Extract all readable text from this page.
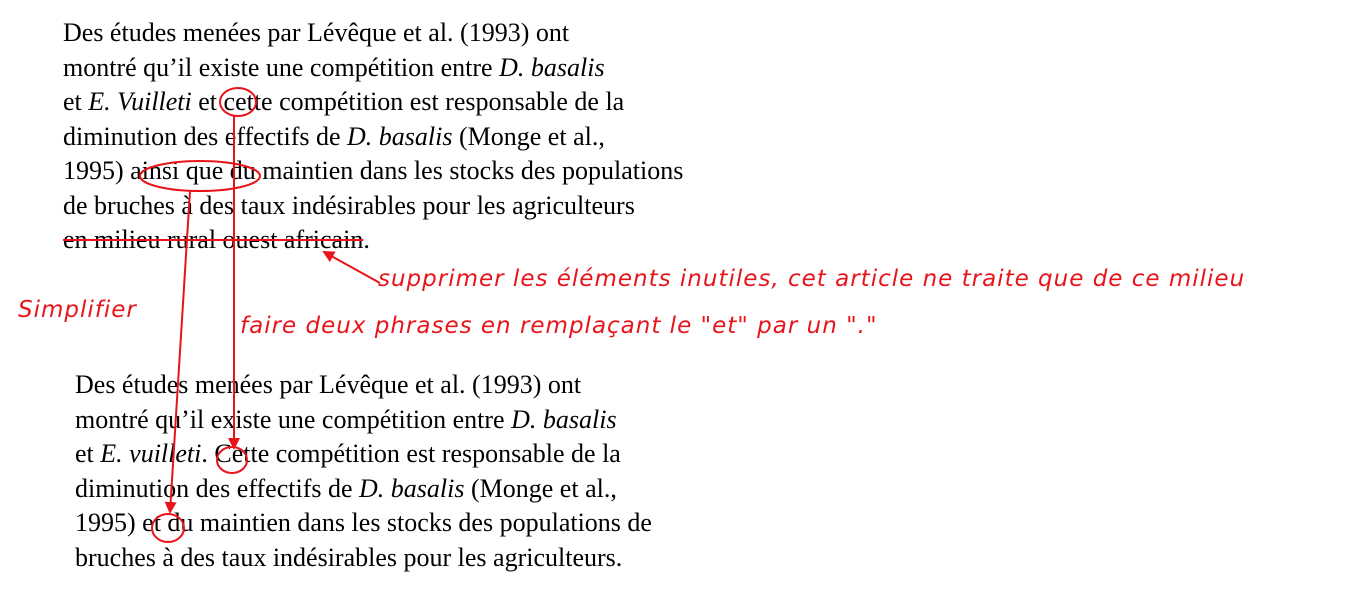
Des études menées par Lévêque et al. (1993) ont
montré qu’il existe une compétition entre D. basalis
et E. Vuilleti et cette compétition est responsable de la
diminution des effectifs de D. basalis (Monge et al.,
1995) ainsi que du maintien dans les stocks des populations
de bruches à des taux indésirables pour les agriculteurs
en milieu rural ouest africain.
Des études menées par Lévêque et al. (1993) ont
montré qu’il existe une compétition entre D. basalis
et E. vuilleti. Cette compétition est responsable de la
diminution des effectifs de D. basalis (Monge et al.,
1995) et du maintien dans les stocks des populations de
bruches à des taux indésirables pour les agriculteurs.
supprimer les éléments inutiles, cet article ne traite que de ce milieu
Simplifier
faire deux phrases en remplaçant le "et" par un "."
